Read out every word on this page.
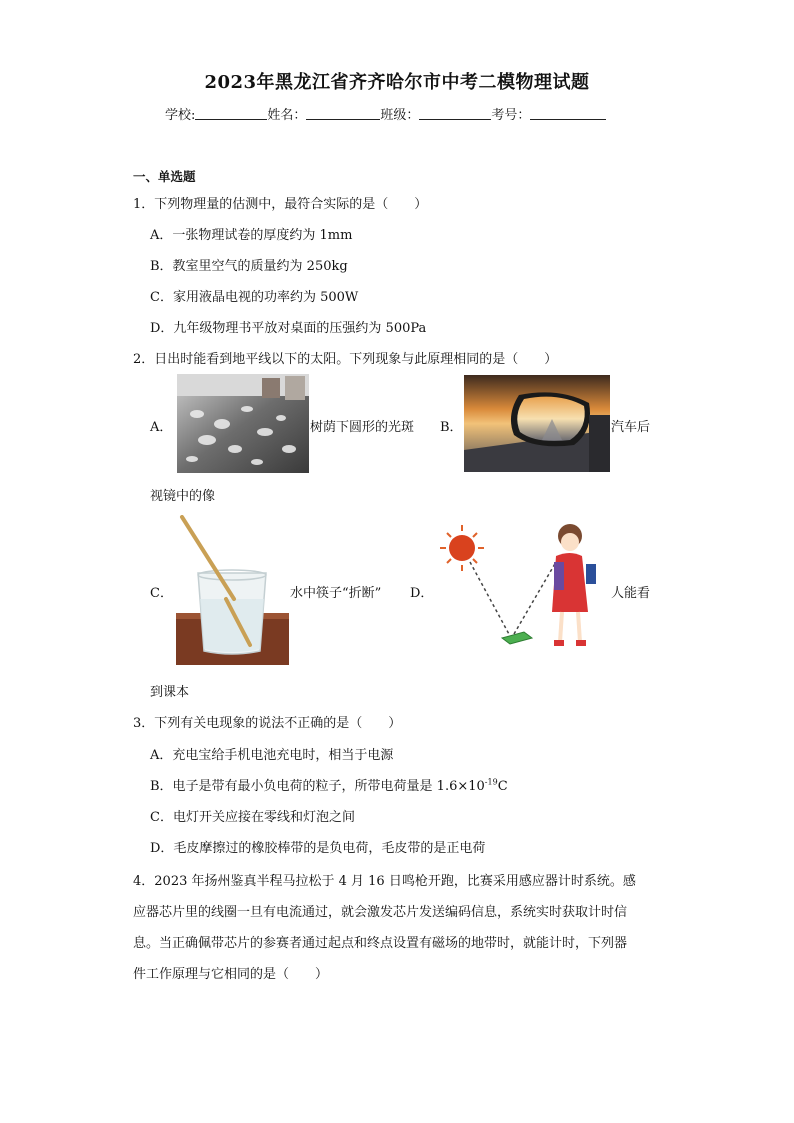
2023年黑龙江省齐齐哈尔市中考二模物理试题
学校:	姓名：	班级：	考号：
一、单选题
1．下列物理量的估测中，最符合实际的是（　　）
A．一张物理试卷的厚度约为 1mm
B．教室里空气的质量约为 250kg
C．家用液晶电视的功率约为 500W
D．九年级物理书平放对桌面的压强约为 500Pa
2．日出时能看到地平线以下的太阳。下列现象与此原理相同的是（　　）
A．	树荫下圆形的光斑 B．	汽车后
视镜中的像
C．	水中筷子“折断” D．	人能看
到课本
3．下列有关电现象的说法不正确的是（　　）
A．充电宝给手机电池充电时，相当于电源
B．电子是带有最小负电荷的粒子，所带电荷量是 $1.6\times 10^{-19}C$
C．电灯开关应接在零线和灯泡之间
D．毛皮摩擦过的橡胶棒带的是负电荷，毛皮带的是正电荷
4．2023 年扬州鉴真半程马拉松于 4 月 16 日鸣枪开跑，比赛采用感应器计时系统。感
应器芯片里的线圈一旦有电流通过，就会激发芯片发送编码信息，系统实时获取计时信
息。当正确佩带芯片的参赛者通过起点和终点设置有磁场的地带时，就能计时，下列器
件工作原理与它相同的是（　　）
